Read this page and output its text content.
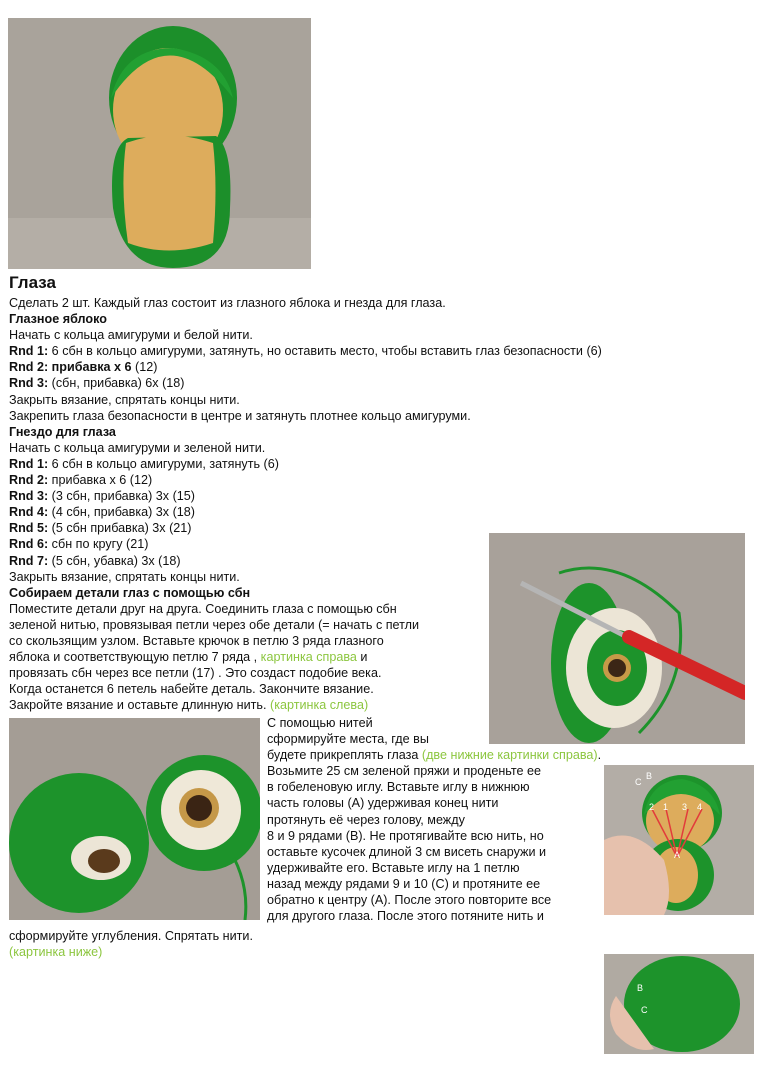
Глаза

Сделать 2 шт. Каждый глаз состоит из глазного яблока и гнезда для глаза.

Глазное яблоко

Начать с кольца амигуруми и белой нити.

Rnd 1: 6 сбн в кольцо амигуруми, затянуть, но оставить место, чтобы вставить глаз безопасности (6)

Rnd 2: прибавка х 6 (12)

Rnd 3: (сбн, прибавка) 6х (18)

Закрыть вязание, спрятать концы нити.

Закрепить глаза безопасности в центре и затянуть плотнее кольцо амигуруми.

Гнездо для глаза

Начать с кольца амигуруми и зеленой нити.

Rnd 1: 6 сбн в кольцо амигуруми, затянуть (6)

Rnd 2: прибавка х 6 (12)

Rnd 3: (3 сбн, прибавка) 3х (15)

Rnd 4: (4 сбн, прибавка) 3х (18)

Rnd 5: (5 сбн прибавка) 3х (21)

Rnd 6: сбн по кругу (21)

Rnd 7: (5 сбн, убавка) 3х (18)

Закрыть вязание, спрятать концы нити.

Собираем детали глаз с помощью сбн

Поместите детали друг на друга. Соединить глаза с помощью сбн

зеленой нитью, провязывая петли через обе детали (= начать с петли

со скользящим узлом. Вставьте крючок в петлю 3 ряда глазного

яблока и соответствующую петлю 7 ряда , картинка справа и

провязать сбн через все петли (17) . Это создаст подобие века.

Когда останется 6 петель набейте деталь. Закончите вязание.

Закройте вязание и оставьте длинную нить. (картинка слева)

С помощью нитей

сформируйте места, где вы

будете прикреплять глаза (две нижние картинки справа).

Возьмите 25 см зеленой пряжи и проденьте ее

в гобеленовую иглу. Вставьте иглу в нижнюю

часть головы (А) удерживая конец нити

протянуть её через голову, между

8 и 9 рядами (B). Не протягивайте всю нить, но

оставьте кусочек длиной 3 см висеть снаружи и

удерживайте его. Вставьте иглу на 1 петлю

назад между рядами 9 и 10 (С) и протяните ее

обратно к центру (А). После этого повторите все

для другого глаза. После этого потяните нить и

сформируйте углубления. Спрятать нити.

(картинка ниже)

C
B
2 1 3 4
A
B
C
